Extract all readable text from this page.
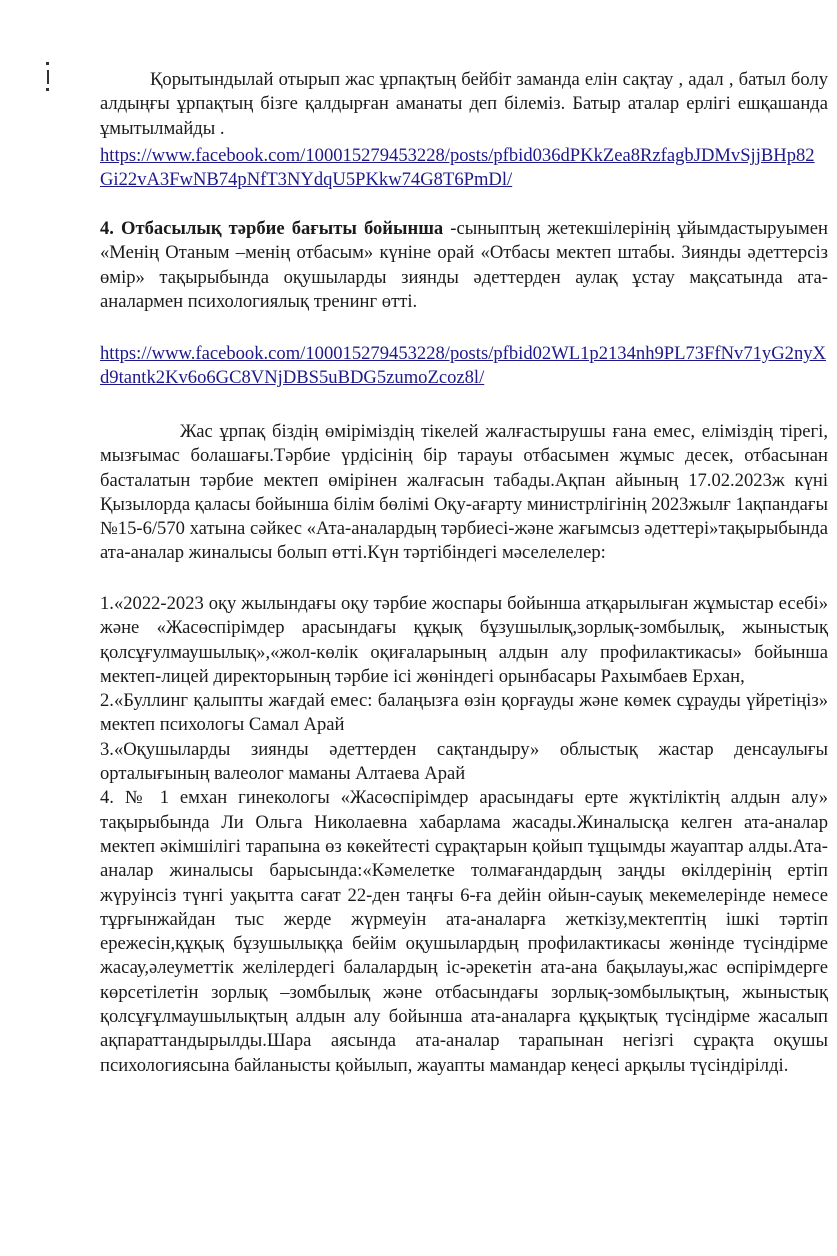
Қорытындылай отырып жас ұрпақтың бейбіт заманда елін сақтау , адал , батыл болу алдыңғы ұрпақтың бізге қалдырған аманаты деп білеміз. Батыр аталар ерлігі ешқашанда ұмытылмайды .

https://www.facebook.com/100015279453228/posts/pfbid036dPKkZea8RzfagbJDMvSjjBHp82Gi22vA3FwNB74pNfT3NYdqU5PKkw74G8T6PmDl/

4. Отбасылық тәрбие бағыты бойынша -сыныптың жетекшілерінің ұйымдастыруымен «Менің Отаным –менің отбасым» күніне орай «Отбасы мектеп штабы. Зиянды әдеттерсіз өмір» тақырыбында оқушыларды зиянды әдеттерден аулақ ұстау мақсатында ата-аналармен психологиялық тренинг өтті.

https://www.facebook.com/100015279453228/posts/pfbid02WL1p2134nh9PL73FfNv71yG2nyXd9tantk2Kv6o6GC8VNjDBS5uBDG5zumoZcoz8l/

Жас ұрпақ біздің өміріміздің тікелей жалғастырушы ғана емес, еліміздің тірегі, мызғымас болашағы.Тәрбие үрдісінің бір тарауы отбасымен жұмыс десек, отбасынан басталатын тәрбие мектеп өмірінен жалғасын табады.Ақпан айының 17.02.2023ж күні Қызылорда қаласы бойынша білім бөлімі Оқу-ағарту министрлігінің 2023жылғ 1ақпандағы №15-6/570 хатына сәйкес «Ата-аналардың тәрбиесі-және жағымсыз әдеттері»тақырыбында ата-аналар жиналысы болып өтті.Күн тәртібіндегі мәселелелер:

1.«2022-2023 оқу жылындағы оқу тәрбие жоспары бойынша атқарылыған жұмыстар есебі» және «Жасөспірімдер арасындағы құқық бұзушылық,зорлық-зомбылық, жыныстық қолсұғулмаушылық»,«жол-көлік оқиғаларының алдын алу профилактикасы» бойынша мектеп-лицей директорының тәрбие ісі жөніндегі орынбасары Рахымбаев Ерхан,

2.«Буллинг қалыпты жағдай емес: балаңызға өзін қорғауды және көмек сұрауды үйретіңіз» мектеп психологы Самал Арай

3.«Оқушыларды зиянды әдеттерден сақтандыру» облыстық жастар денсаулығы орталығының валеолог маманы Алтаева Арай

4. № 1 емхан гинекологы «Жасөспірімдер арасындағы ерте жүктіліктің алдын алу» тақырыбында Ли Ольга Николаевна хабарлама жасады.Жиналысқа келген ата-аналар мектеп әкімшілігі тарапына өз көкейтесті сұрақтарын қойып тұщымды жауаптар алды.Ата-аналар жиналысы барысында:«Кәмелетке толмағандардың заңды өкілдерінің ертіп жүруінсіз түнгі уақытта сағат 22-ден таңғы 6-ға дейін ойын-сауық мекемелерінде немесе тұрғынжайдан тыс жерде жүрмеуін ата-аналарға жеткізу,мектептің ішкі тәртіп ережесін,құқық бұзушылыққа бейім оқушылардың профилактикасы жөнінде түсіндірме жасау,әлеуметтік желілердегі балалардың іс-әрекетін ата-ана бақылауы,жас өспірімдерге көрсетілетін зорлық –зомбылық және отбасындағы зорлық-зомбылықтың, жыныстық қолсұғұлмаушылықтың алдын алу бойынша ата-аналарға құқықтық түсіндірме жасалып ақпараттандырылды.Шара аясында ата-аналар тарапынан негізгі сұрақта оқушы психологиясына байланысты қойылып, жауапты мамандар кеңесі арқылы түсіндірілді.
